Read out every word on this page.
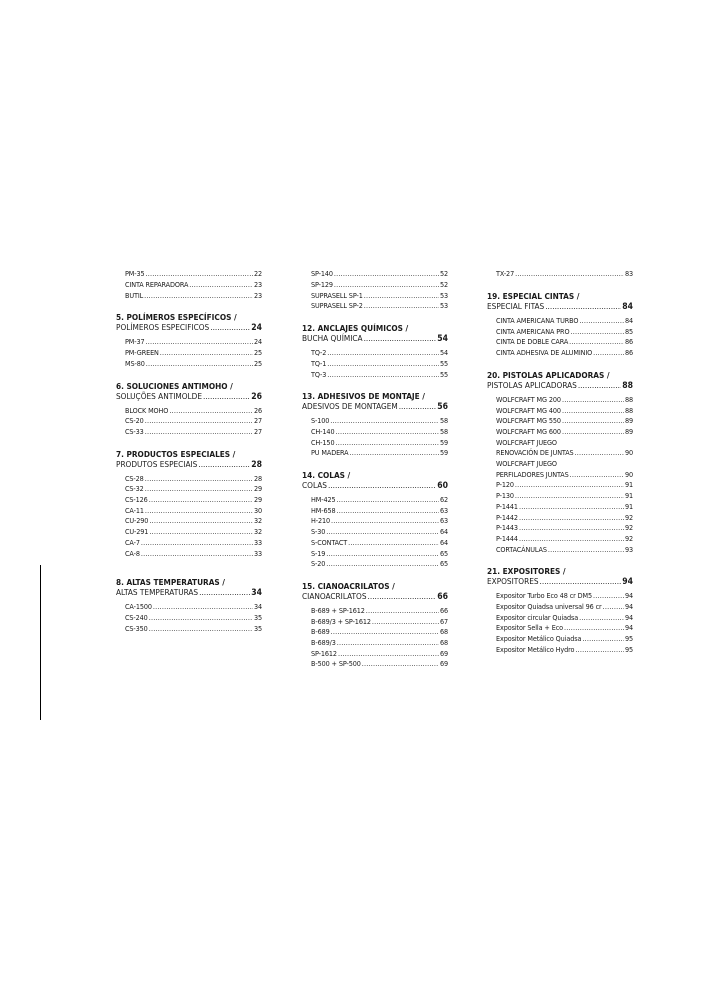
PM-35 .....	22
CINTA REPARADORA .....	23
BUTIL .....	23
5. POLÍMEROS ESPECÍFICOS /
POLÍMEROS ESPECIFICOS .....	24
PM-37 .....	24
PM-GREEN .....	25
MS-80 .....	25
6. SOLUCIONES ANTIMOHO /
SOLUÇÕES ANTIMOLDE .....	26
BLOCK MOHO .....	26
CS-20 .....	27
CS-33 .....	27
7. PRODUCTOS ESPECIALES /
PRODUTOS ESPECIAIS .....	28
CS-28 .....	28
CS-32 .....	29
CS-126 .....	29
CA-11 .....	30
CU-290 .....	32
CU-291 .....	32
CA-7 .....	33
CA-8 .....	33
8. ALTAS TEMPERATURAS /
ALTAS TEMPERATURAS .....	34
CA-1500 .....	34
CS-240 .....	35
CS-350 .....	35
SP-140 .....	52
SP-129 .....	52
SUPRASELL SP-1 .....	53
SUPRASELL SP-2 .....	53
12. ANCLAJES QUÍMICOS /
BUCHA QUÍMICA .....	54
TQ-2 .....	54
TQ-1 .....	55
TQ-3 .....	55
13. ADHESIVOS DE MONTAJE /
ADESIVOS DE MONTAGEM .....	56
S-100 .....	58
CH-140 .....	58
CH-150 .....	59
PU MADERA .....	59
14. COLAS /
COLAS .....	60
HM-425 .....	62
HM-658 .....	63
H-210 .....	63
S-30 .....	64
S-CONTACT .....	64
S-19 .....	65
S-20 .....	65
15. CIANOACRILATOS /
CIANOACRILATOS .....	66
B-689 + SP-1612 .....	66
B-689/3 + SP-1612 .....	67
B-689 .....	68
B-689/3 .....	68
SP-1612 .....	69
B-500 + SP-500 .....	69
TX-27 .....	83
19. ESPECIAL CINTAS /
ESPECIAL FITAS .....	84
CINTA AMERICANA TURBO .....	84
CINTA AMERICANA PRO .....	85
CINTA DE DOBLE CARA .....	86
CINTA ADHESIVA DE ALUMINIO .....	86
20. PISTOLAS APLICADORAS /
PISTOLAS APLICADORAS .....	88
WOLFCRAFT MG 200 .....	88
WOLFCRAFT MG 400 .....	88
WOLFCRAFT MG 550 .....	89
WOLFCRAFT MG 600 .....	89
WOLFCRAFT JUEGO
RENOVACIÓN DE JUNTAS .....	90
WOLFCRAFT JUEGO
PERFILADORES JUNTAS .....	90
P-120 .....	91
P-130 .....	91
P-1441 .....	91
P-1442 .....	92
P-1443 .....	92
P-1444 .....	92
CORTACÁNULAS .....	93
21. EXPOSITORES /
EXPOSITORES .....	94
Expositor Turbo Eco 48 cr DM5 .....	94
Expositor Quiadsa universal 96 cr .....	94
Expositor circular Quiadsa .....	94
Expositor Sella + Eco .....	94
Expositor Metálico Quiadsa .....	95
Expositor Metálico Hydro .....	95
